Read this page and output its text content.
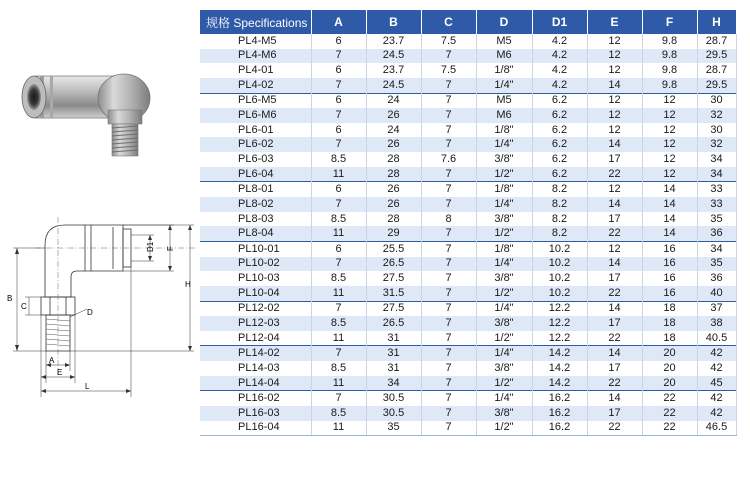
B
C
D1 F
H
D
A
E
L
规格 Specifications	A	B	C	D	D1	E	F	H
PL4-M5	6	23.7	7.5	M5	4.2	12	9.8	28.7
PL4-M6	7	24.5	7	M6	4.2	12	9.8	29.5
PL4-01	6	23.7	7.5	1/8"	4.2	12	9.8	28.7
PL4-02	7	24.5	7	1/4"	4.2	14	9.8	29.5
PL6-M5	6	24	7	M5	6.2	12	12	30
PL6-M6	7	26	7	M6	6.2	12	12	32
PL6-01	6	24	7	1/8"	6.2	12	12	30
PL6-02	7	26	7	1/4"	6.2	14	12	32
PL6-03	8.5	28	7.6	3/8"	6.2	17	12	34
PL6-04	11	28	7	1/2"	6.2	22	12	34
PL8-01	6	26	7	1/8"	8.2	12	14	33
PL8-02	7	26	7	1/4"	8.2	14	14	33
PL8-03	8.5	28	8	3/8"	8.2	17	14	35
PL8-04	11	29	7	1/2"	8.2	22	14	36
PL10-01	6	25.5	7	1/8"	10.2	12	16	34
PL10-02	7	26.5	7	1/4"	10.2	14	16	35
PL10-03	8.5	27.5	7	3/8"	10.2	17	16	36
PL10-04	11	31.5	7	1/2"	10.2	22	16	40
PL12-02	7	27.5	7	1/4"	12.2	14	18	37
PL12-03	8.5	26.5	7	3/8"	12.2	17	18	38
PL12-04	11	31	7	1/2"	12.2	22	18	40.5
PL14-02	7	31	7	1/4"	14.2	14	20	42
PL14-03	8.5	31	7	3/8"	14.2	17	20	42
PL14-04	11	34	7	1/2"	14.2	22	20	45
PL16-02	7	30.5	7	1/4"	16.2	14	22	42
PL16-03	8.5	30.5	7	3/8"	16.2	17	22	42
PL16-04	11	35	7	1/2"	16.2	22	22	46.5
